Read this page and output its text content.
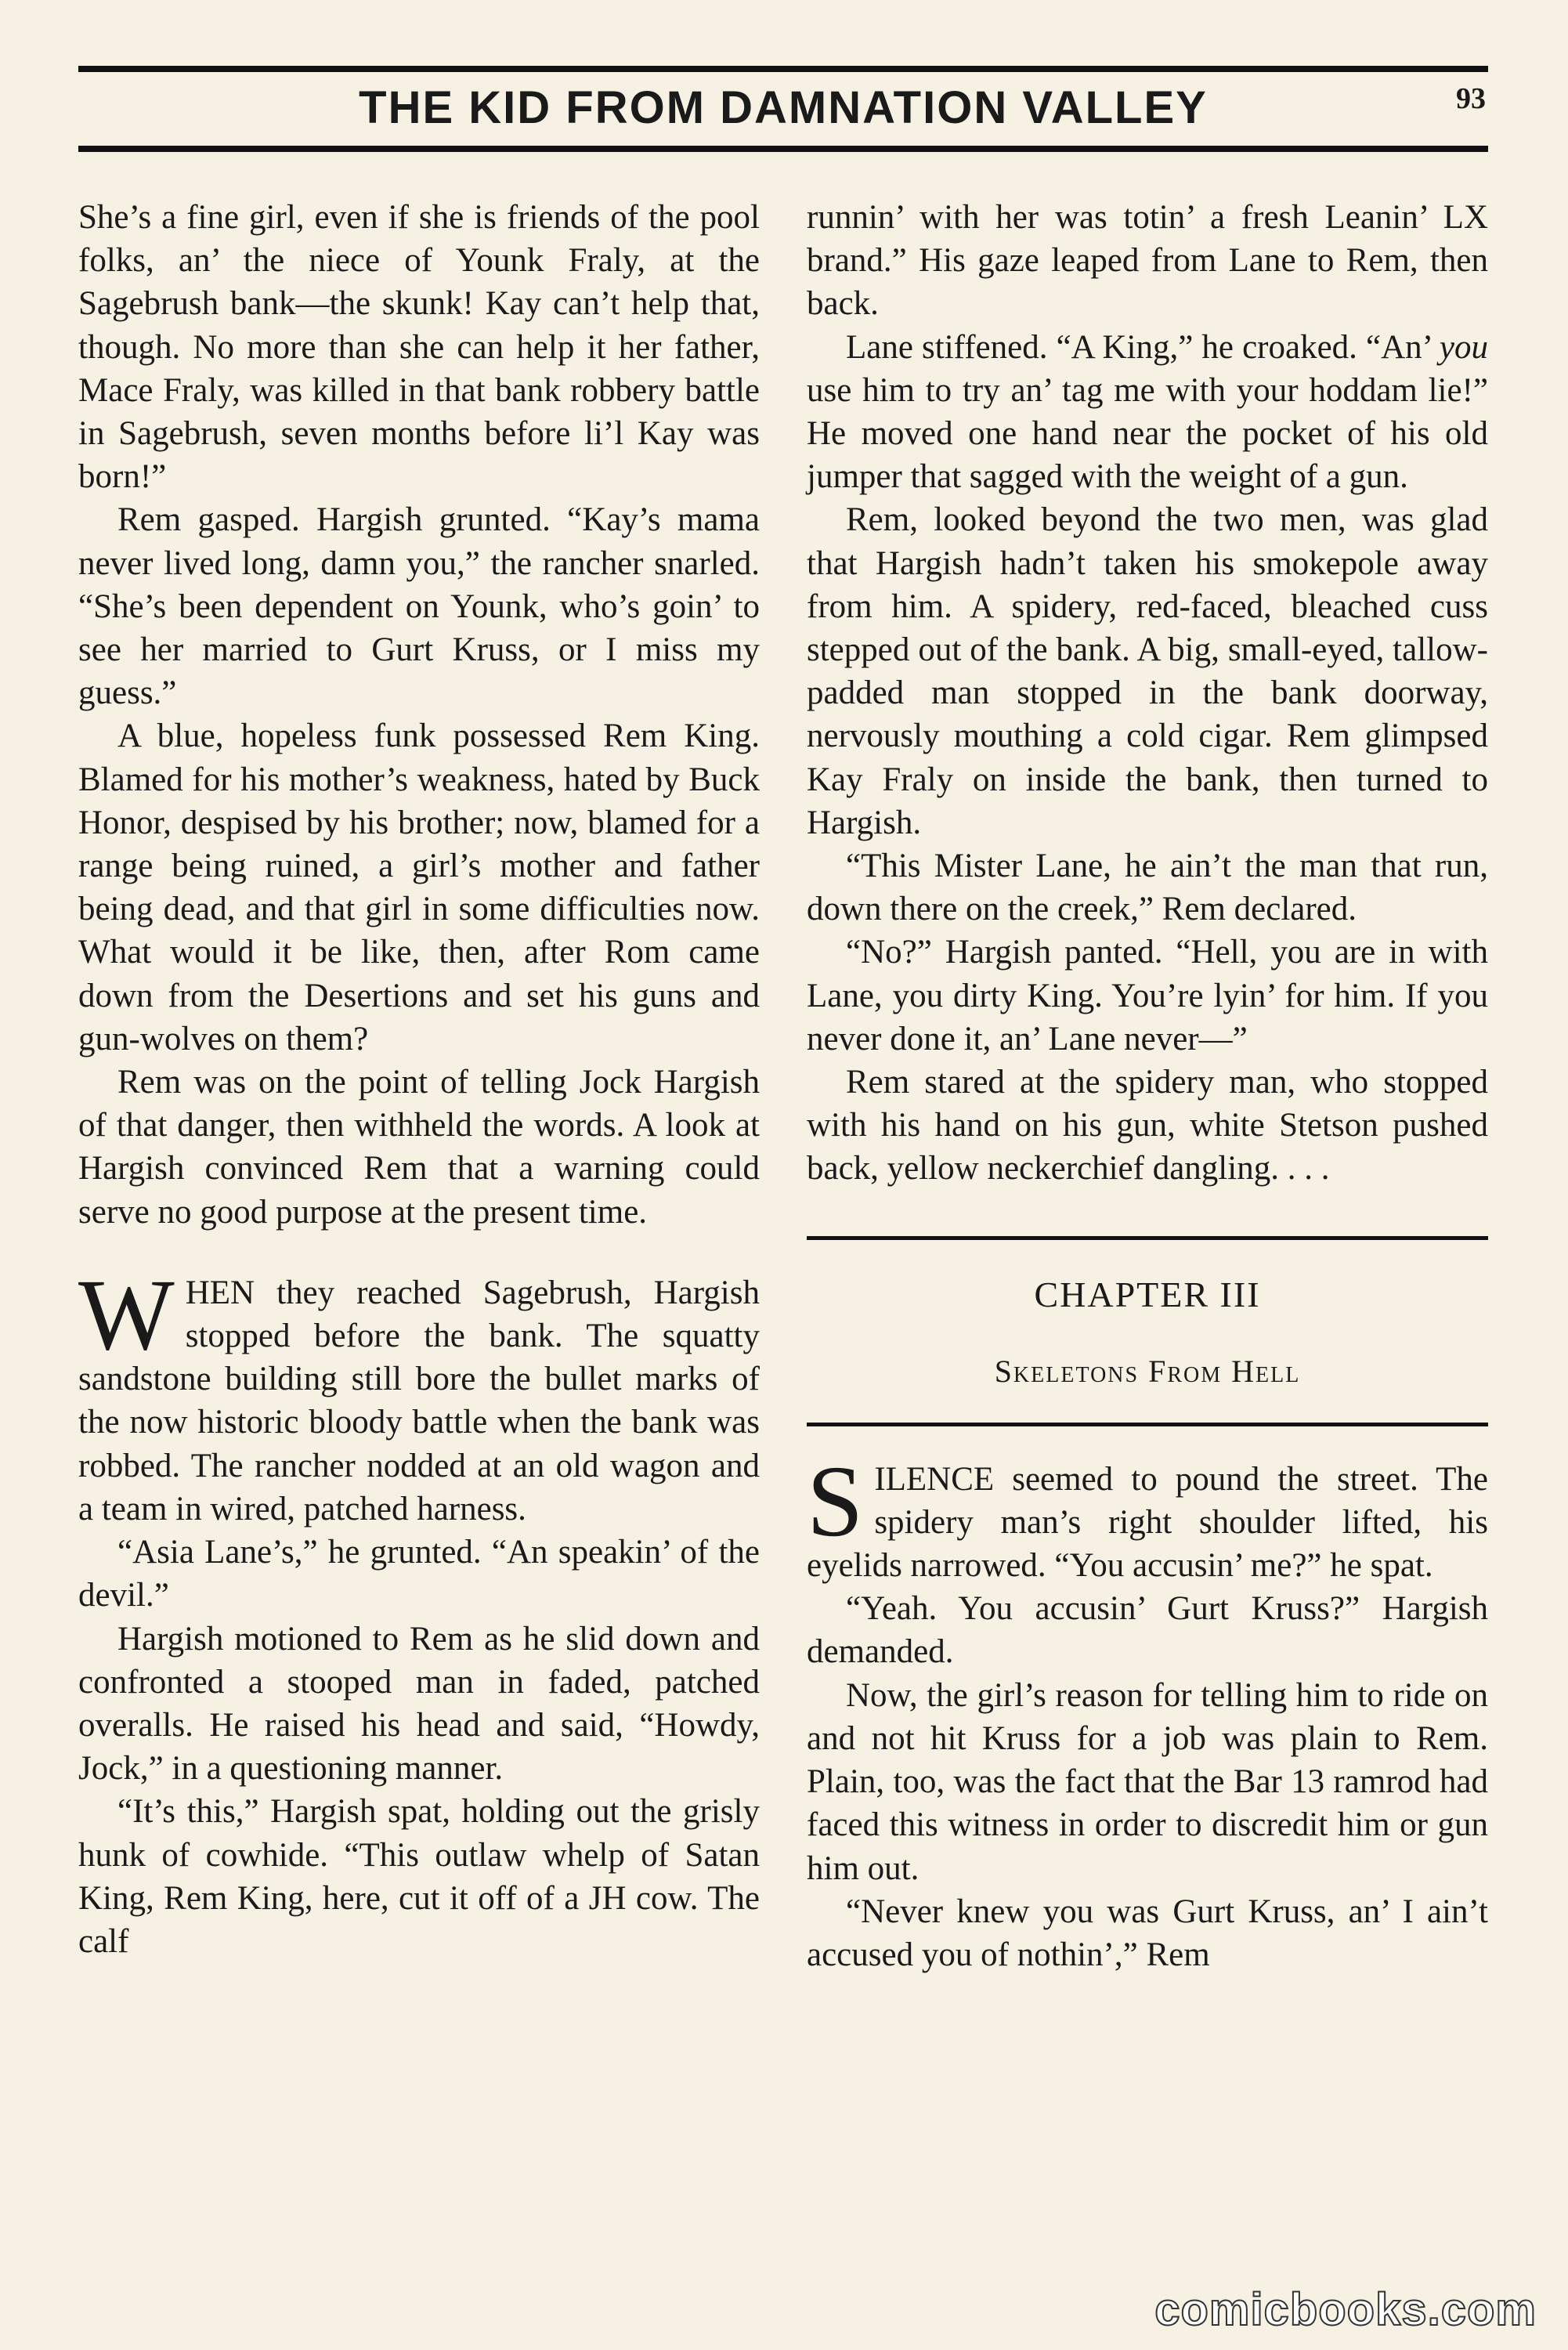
THE KID FROM DAMNATION VALLEY	93

She’s a fine girl, even if she is friends of the pool folks, an’ the niece of Younk Fraly, at the Sagebrush bank—the skunk! Kay can’t help that, though. No more than she can help it her father, Mace Fraly, was killed in that bank robbery battle in Sagebrush, seven months before li’l Kay was born!”

Rem gasped. Hargish grunted. “Kay’s mama never lived long, damn you,” the rancher snarled. “She’s been dependent on Younk, who’s goin’ to see her married to Gurt Kruss, or I miss my guess.”

A blue, hopeless funk possessed Rem King. Blamed for his mother’s weakness, hated by Buck Honor, despised by his brother; now, blamed for a range being ruined, a girl’s mother and father being dead, and that girl in some difficulties now. What would it be like, then, after Rom came down from the Desertions and set his guns and gun-wolves on them?

Rem was on the point of telling Jock Hargish of that danger, then withheld the words. A look at Hargish convinced Rem that a warning could serve no good purpose at the present time.

WHEN they reached Sagebrush, Hargish stopped before the bank. The squatty sandstone building still bore the bullet marks of the now historic bloody battle when the bank was robbed. The rancher nodded at an old wagon and a team in wired, patched harness.

“Asia Lane’s,” he grunted. “An speakin’ of the devil.”

Hargish motioned to Rem as he slid down and confronted a stooped man in faded, patched overalls. He raised his head and said, “Howdy, Jock,” in a questioning manner.

“It’s this,” Hargish spat, holding out the grisly hunk of cowhide. “This outlaw whelp of Satan King, Rem King, here, cut it off of a JH cow. The calf

runnin’ with her was totin’ a fresh Leanin’ LX brand.” His gaze leaped from Lane to Rem, then back.

Lane stiffened. “A King,” he croaked. “An’ you use him to try an’ tag me with your hoddam lie!” He moved one hand near the pocket of his old jumper that sagged with the weight of a gun.

Rem, looked beyond the two men, was glad that Hargish hadn’t taken his smokepole away from him. A spidery, red-faced, bleached cuss stepped out of the bank. A big, small-eyed, tallow-padded man stopped in the bank doorway, nervously mouthing a cold cigar. Rem glimpsed Kay Fraly on inside the bank, then turned to Hargish.

“This Mister Lane, he ain’t the man that run, down there on the creek,” Rem declared.

“No?” Hargish panted. “Hell, you are in with Lane, you dirty King. You’re lyin’ for him. If you never done it, an’ Lane never—”

Rem stared at the spidery man, who stopped with his hand on his gun, white Stetson pushed back, yellow neckerchief dangling. . . .

CHAPTER III
Skeletons From Hell

SILENCE seemed to pound the street. The spidery man’s right shoulder lifted, his eyelids narrowed. “You accusin’ me?” he spat.

“Yeah. You accusin’ Gurt Kruss?” Hargish demanded.

Now, the girl’s reason for telling him to ride on and not hit Kruss for a job was plain to Rem. Plain, too, was the fact that the Bar 13 ramrod had faced this witness in order to discredit him or gun him out.

“Never knew you was Gurt Kruss, an’ I ain’t accused you of nothin’,” Rem

comicbooks.com
